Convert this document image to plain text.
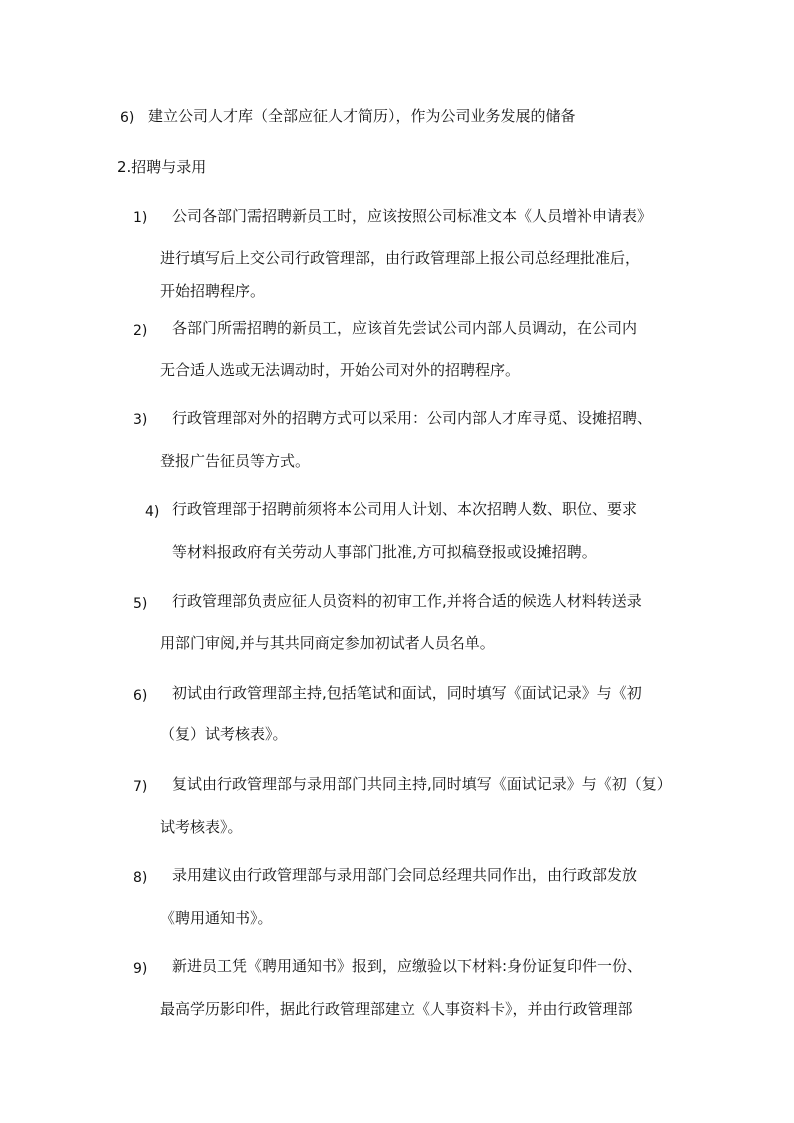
6) 建立公司人才库（全部应征人才简历），作为公司业务发展的储备
2.招聘与录用
1) 公司各部门需招聘新员工时，应该按照公司标准文本《人员增补申请表》
进行填写后上交公司行政管理部，由行政管理部上报公司总经理批准后，
开始招聘程序。
2) 各部门所需招聘的新员工，应该首先尝试公司内部人员调动，在公司内
无合适人选或无法调动时，开始公司对外的招聘程序。
3) 行政管理部对外的招聘方式可以采用：公司内部人才库寻觅、设摊招聘、
登报广告征员等方式。
4) 行政管理部于招聘前须将本公司用人计划、本次招聘人数、职位、要求
等材料报政府有关劳动人事部门批准,方可拟稿登报或设摊招聘。
5) 行政管理部负责应征人员资料的初审工作,并将合适的候选人材料转送录
用部门审阅,并与其共同商定参加初试者人员名单。
6) 初试由行政管理部主持,包括笔试和面试，同时填写《面试记录》与《初
（复）试考核表》。
7) 复试由行政管理部与录用部门共同主持,同时填写《面试记录》与《初（复）
试考核表》。
8) 录用建议由行政管理部与录用部门会同总经理共同作出，由行政部发放
《聘用通知书》。
9) 新进员工凭《聘用通知书》报到，应缴验以下材料:身份证复印件一份、
最高学历影印件，据此行政管理部建立《人事资料卡》，并由行政管理部
